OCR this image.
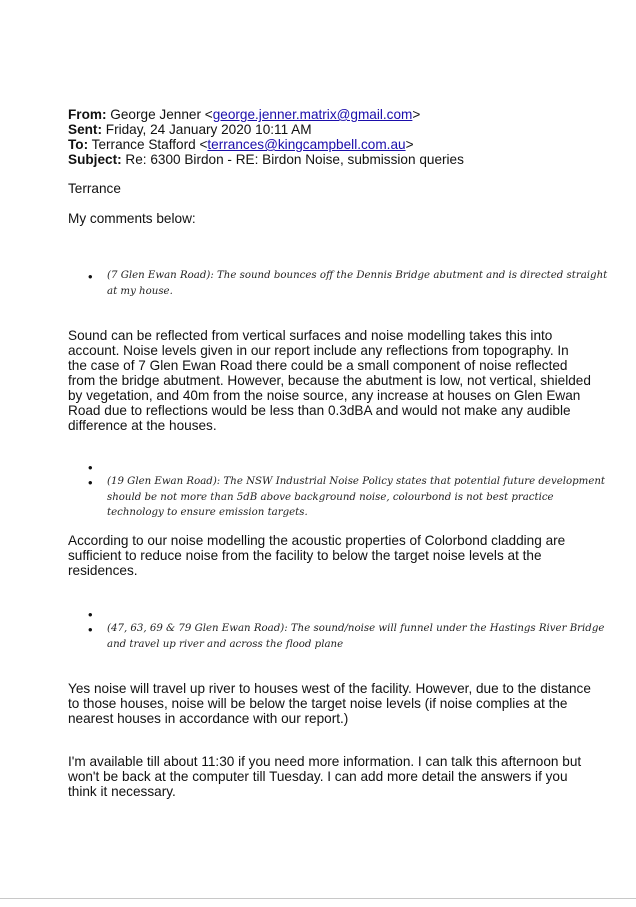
From: George Jenner <george.jenner.matrix@gmail.com>
Sent: Friday, 24 January 2020 10:11 AM
To: Terrance Stafford <terrances@kingcampbell.com.au>
Subject: Re: 6300 Birdon - RE: Birdon Noise, submission queries
Terrance
My comments below:
• (7 Glen Ewan Road): The sound bounces off the Dennis Bridge abutment and is directed straight
at my house.
Sound can be reflected from vertical surfaces and noise modelling takes this into
account. Noise levels given in our report include any reflections from topography. In
the case of 7 Glen Ewan Road there could be a small component of noise reflected
from the bridge abutment. However, because the abutment is low, not vertical, shielded
by vegetation, and 40m from the noise source, any increase at houses on Glen Ewan
Road due to reflections would be less than 0.3dBA and would not make any audible
difference at the houses.
•
• (19 Glen Ewan Road): The NSW Industrial Noise Policy states that potential future development
should be not more than 5dB above background noise, colourbond is not best practice
technology to ensure emission targets.
According to our noise modelling the acoustic properties of Colorbond cladding are
sufficient to reduce noise from the facility to below the target noise levels at the
residences.
•
• (47, 63, 69 & 79 Glen Ewan Road): The sound/noise will funnel under the Hastings River Bridge
and travel up river and across the flood plane
Yes noise will travel up river to houses west of the facility. However, due to the distance
to those houses, noise will be below the target noise levels (if noise complies at the
nearest houses in accordance with our report.)
I'm available till about 11:30 if you need more information. I can talk this afternoon but
won't be back at the computer till Tuesday. I can add more detail the answers if you
think it necessary.
